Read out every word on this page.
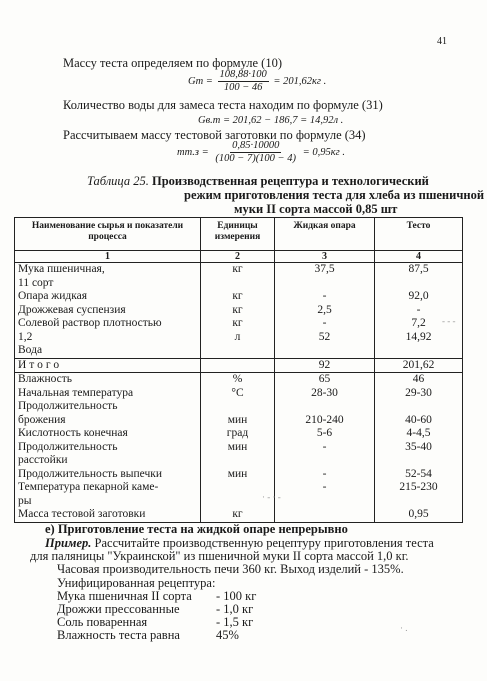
41
Массу теста определяем по формуле (10)
$Gm = \frac{108,88\cdot 100}{100 - 46} = 201,62кг$ .
Количество воды для замеса теста находим по формуле (31)
Gв.т = 201,62 − 186,7 = 14,92л .
Рассчитываем массу тестовой заготовки по формуле (34)
$mт.з = \frac{0,85\cdot 10000}{(100 - 7)(100 - 4)} = 0,95кг$ .
Таблица 25. Производственная рецептура и технологический
режим приготовления теста для хлеба из пшеничной
муки II сорта массой 0,85 шт
Наименование сырья и показатели процесса	Единицы измерения	Жидкая опара	Тесто
1	2	3	4
Мука пшеничная,	кг	37,5	87,5
11 сорт			
Опара жидкая	кг	-	92,0
Дрожжевая суспензия	кг	2,5	-
Солевой раствор плотностью	кг	-	7,2
1,2	л	52	14,92
Вода			
Итого		92	201,62
Влажность	%	65	46
Начальная температура	°С	28-30	29-30
Продолжительность			
брожения	мин	210-240	40-60
Кислотность конечная	град	5-6	4-4,5
Продолжительность	мин	-	35-40
расстойки			
Продолжительность выпечки	мин	-	52-54
Температура пекарной каме-		-	215-230
ры			
Масса тестовой заготовки	кг		0,95
е) Приготовление теста на жидкой опаре непрерывно
Пример. Рассчитайте производственную рецептуру приготовления теста
для паляницы "Украинской" из пшеничной муки II сорта массой 1,0 кг.
Часовая производительность печи 360 кг. Выход изделий - 135%.
Унифицированная рецептура:
Мука пшеничная II сорта - 100 кг
Дрожжи прессованные	- 1,0 кг
Соль поваренная	- 1,5 кг
Влажность теста равна	45%
- - -
· - · -
· .
